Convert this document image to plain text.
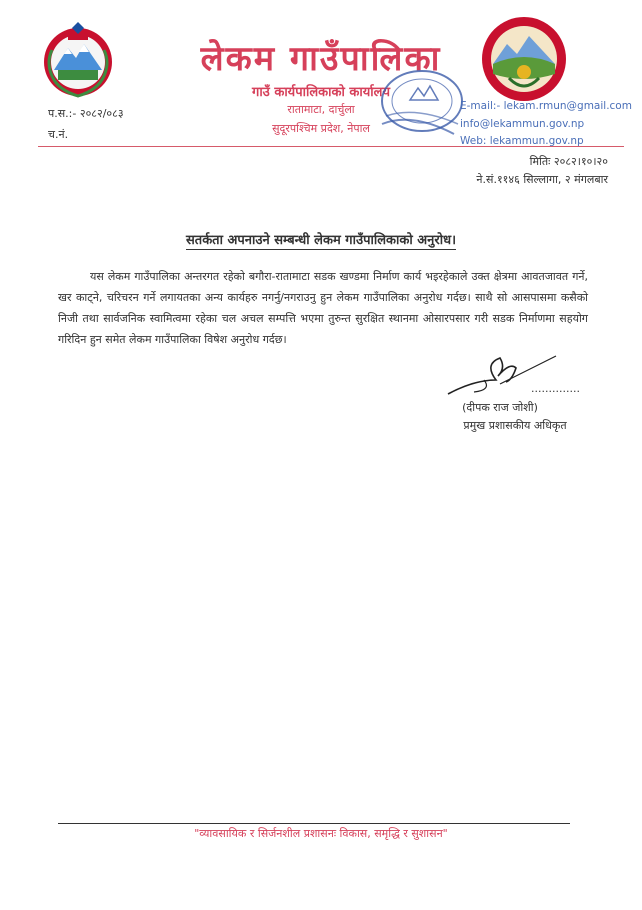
लेकम गाउँपालिका
गाउँ कार्यपालिकाको कार्यालय
रातामाटा, दार्चुला
सुदूरपश्चिम प्रदेश, नेपाल
E-mail:- lekam.rmun@gmail.com
info@lekammun.gov.np
Web: lekammun.gov.np
प.स.:- २०८२/०८३
च.नं.
मितिः २०८२।१०।२०
ने.सं.११४६ सिल्लागा, २ मंगलबार
सतर्कता अपनाउने सम्बन्धी लेकम गाउँपालिकाको अनुरोध।
यस लेकम गाउँपालिका अन्तरगत रहेको बगौरा-रातामाटा सडक खण्डमा निर्माण कार्य भइरहेकाले उक्त क्षेत्रमा आवतजावत गर्ने, खर काट्ने, चरिचरन गर्ने लगायतका अन्य कार्यहरु नगर्नु/नगराउनु हुन लेकम गाउँपालिका अनुरोध गर्दछ। साथै सो आसपासमा कसैको निजी तथा सार्वजनिक स्वामित्वमा रहेका चल अचल सम्पत्ति भएमा तुरुन्त सुरक्षित स्थानमा ओसारपसार गरी सडक निर्माणमा सहयोग गरिदिन हुन समेत लेकम गाउँपालिका विषेश अनुरोध गर्दछ।
..............
(दीपक राज जोशी)
प्रमुख प्रशासकीय अधिकृत
"व्यावसायिक र सिर्जनशील प्रशासनः विकास, समृद्धि र सुशासन"
